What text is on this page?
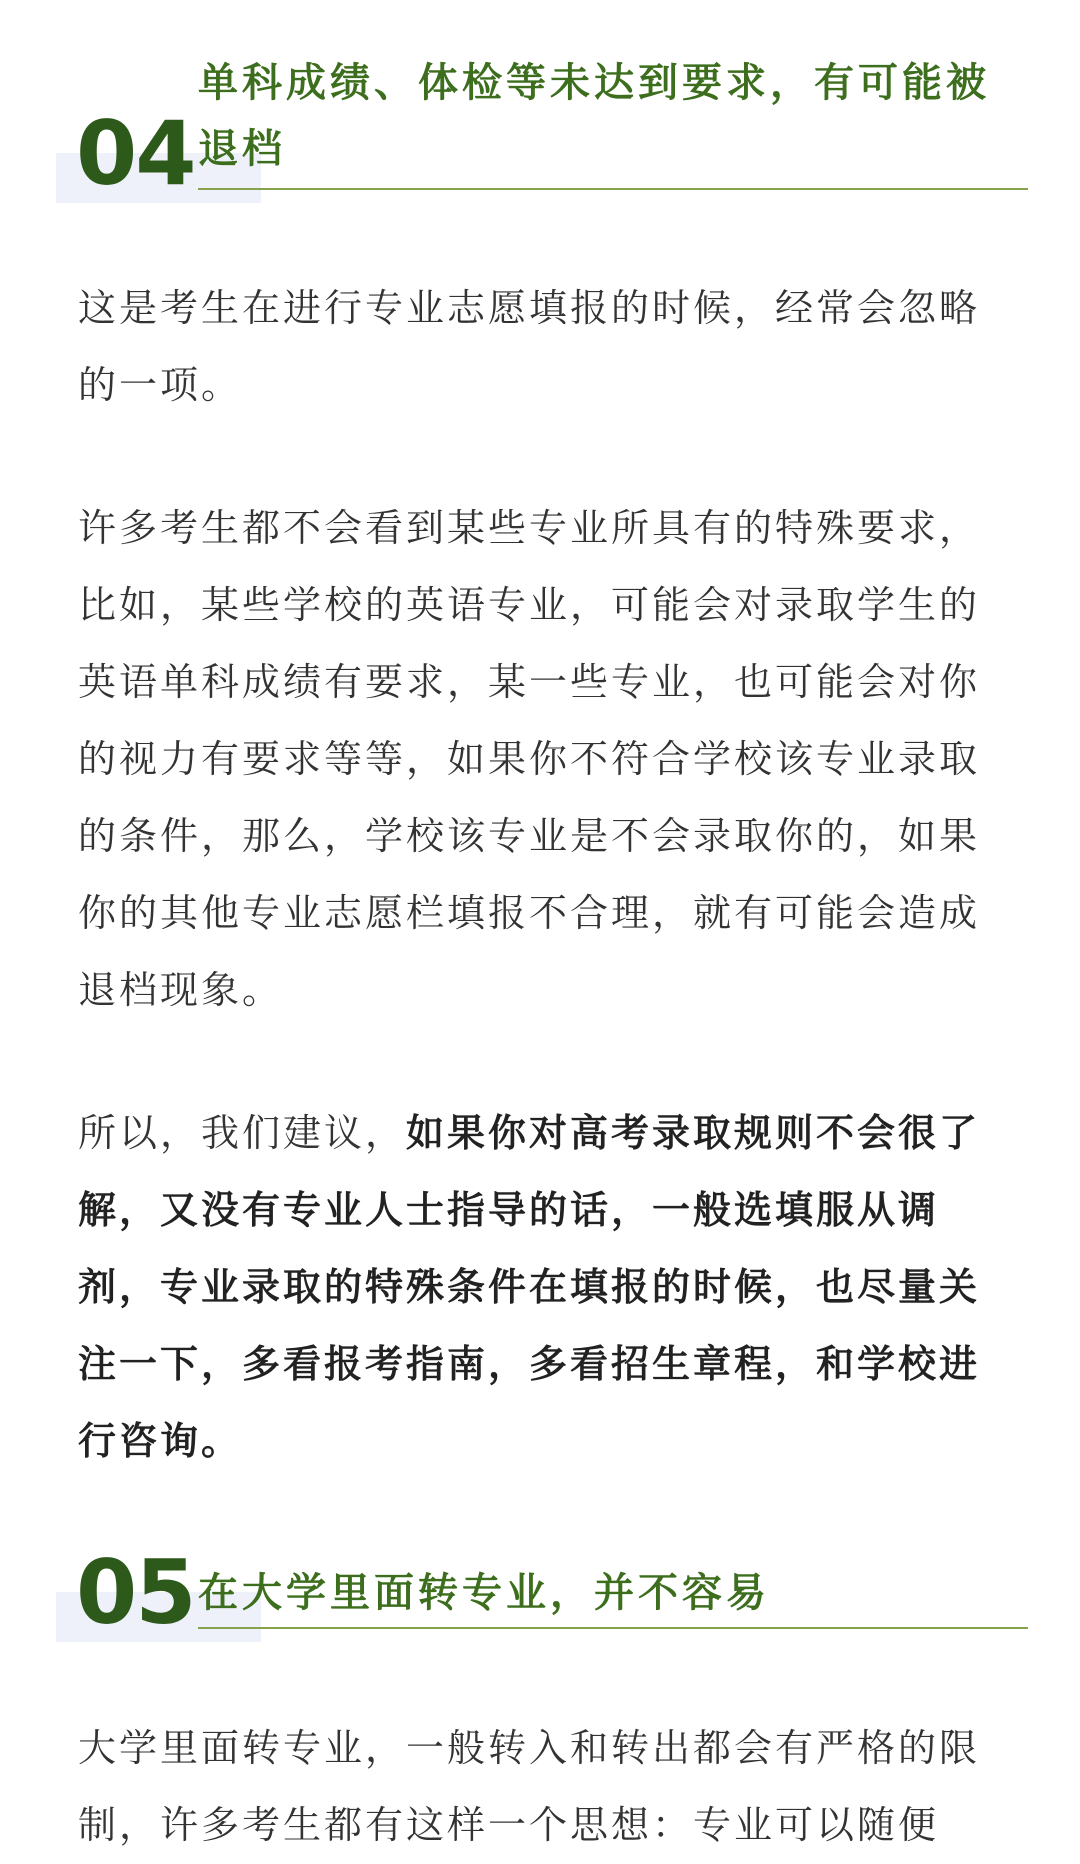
04
单科成绩、体检等未达到要求，有可能被退档

这是考生在进行专业志愿填报的时候，经常会忽略的一项。

许多考生都不会看到某些专业所具有的特殊要求，比如，某些学校的英语专业，可能会对录取学生的英语单科成绩有要求，某一些专业，也可能会对你的视力有要求等等，如果你不符合学校该专业录取的条件，那么，学校该专业是不会录取你的，如果你的其他专业志愿栏填报不合理，就有可能会造成退档现象。

所以，我们建议，如果你对高考录取规则不会很了解，又没有专业人士指导的话，一般选填服从调剂，专业录取的特殊条件在填报的时候，也尽量关注一下，多看报考指南，多看招生章程，和学校进行咨询。

05 在大学里面转专业，并不容易

大学里面转专业，一般转入和转出都会有严格的限制，许多考生都有这样一个思想：专业可以随便
